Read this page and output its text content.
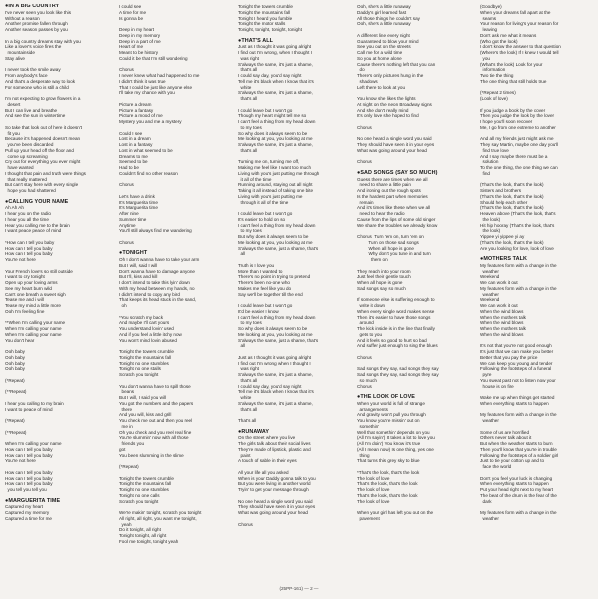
●IN A BIG COUNTRY
I've never seen you look like this
Without a reason
Another promise fallen through
Another season passes by you
In a big country dreams stay with you
Like a lover's voice fires the
mountainside
Stay alive
I never took the smile away
From anybody's face
And that's a desperate way to look
For someone who is still a child
I'm not expecting to grow flowers in a
desert
But I can live and breathe
And see the sun in wintertime
So take that look out of here it doesn't
fit you
Because it's happened doesn't mean
you've been discarded
Pull up your head off the floor and
come up screaming
Cry out for everything you ever might
have wanted
I thought that pain and truth were things
that really mattered
But can't stay here with every single
hope you had shattered
●CALLING YOUR NAME
Ah Ah Ah
I hear you on the radio
I hear you all the time
Hear you calling me to the brain
I want peace peace of mind
*How can I tell you baby
How can I tell you baby
How can I tell you baby
You're not here
Your French love's so still outside
I want to cry tonight
Open up your loving arms
See my heart burn wild
Can't one breath a sweet sigh
Tease me and i will
Tease my mind a little more
Ooh I'm feeling fine
**When I'm calling your name
When I'm calling your name
When I'm calling your name
You don't hear
Ooh baby
Ooh baby
Ooh baby
Ooh baby
(*Repeat)
(**Repeat)
I hear you calling to my brain
I want to peace of mind
(*Repeat)
(**Repeat)
When I'm calling your name
How can I tell you baby
How can I tell you baby
You're not here
How can I tell you baby
How can I tell you baby
How can I tell you baby
you tell you tell you
●MARGUERITA TIME
Captured my heart
Captured my memory
Captured a time for me
I could see
A time for me
Is gonna be
Deep in my heart
Deep in my memory
Deep in a part of me
Heart of me
Meant to be history
Could it be that I'm still wondering
Chorus
I never knew what had happened to me
I didn't think it was true
That I could be just like anyone else
I'll take my chance with you
Picture a dream
Picture a fantasy
Picture a mood of me
Mystery you and me a mystery
Could I see
Lost in a dream
Lost in a fantasy
Lost in what seemed to be
Dreams to me
Seemed to be
Had to be
Couldn't find no other reason
Chorus
Let's have a drink
It's Marguerita time
It's Marguerita time
After nine
Summer time
Anytime
You'll still always find me wandering
Chorus
●TONIGHT
Oh I don't wanna have to take your arm
But I will, said I will
Don't wanna have to damage anyone
But I'll, kiss and kill
I don't intend to take this lyin' down
With my head between my hands, no
I didn't intend to copy any bird
That keeps its head stuck in the sand,
oh
*You scratch my back
And maybe I'll cart yours
You understand lovin' used
And if you feel a little itchy now
You won't mind lovin abused
Tonight the towers crumble
Tonight the mountains fall
Tonight no one stumbles
Tonight no one stalls
Scratch you tonight
You don't wanna have to spill those
beans
But I will, I said you will
You got the numbers and the papers
there
And you will, kiss and grill
You check me out and then you reel
me in
Oh you check and you reel real fine
You're slummin' now with all those
friends you
got
You been slumming in the slime
(*Repeat)
Tonight the towers crumble
Tonight the mountains fall
Tonight no one stumbles
Tonight no one calls
Scratch you tonight
We're makin' tonight, scratch you tonight
All right, all right, you want me tonight,
yeah
Do it tonight, all right
Tonight tonight, all right
Fool me tonight, tonight yeah
Tonight the towers crumble
Tonight the mountains fall
Tonight I heard you fumble
Tonight the motor stalls
Tonight, tonight, tonight, tonight
●THAT'S ALL
Just as I thought it was going alright
I find out I'm wrong, when I thought I
was right
S'always the same, it's just a shame,
that's all
I could say day, you'd say night
Tell me it's black when I know that it's
white
S'always the same, it's just a shame,
that's all
I could leave but I won't go
Though my heart might tell me so
I can't feel a thing from my head down
to my toes
So why does it always seem to be
Me looking at you, you looking at me
S'always the same, it's just a shame,
that's all
Turning me on, turning me off,
Making me feel like I want too much
Living with you's just putting me through
it all of the time
Running around, staying out all night
Taking it all instead of taking one bite
Living with you's just putting me
through it all of the time
I could leave but I won't go
It's easier to hold on so
I can't feel a thing from my head down
to my toes
But why does it always seem to be
Me looking at you, you looking at me
S'always the same, just a shame, that's
all
Truth is I love you
More than I wanted to
There's no point in trying to pretend
There's been no-one who
Makes me feel like you do
Say we'll be together till the end
I could leave but I won't go
It'd be easier I know
I can't feel a thing from my head down
to my toes
So why does it always seem to be
Me looking at you, you looking at me
S'always the same, just a shame, that's
all
Just as I thought it was going alright
I find out I'm wrong when I thought I
was right
S'always the same, it's just a shame,
that's all
I could say day, you'd say night
Tell me it's black when I know that it's
white
S'always the same, it's just a shame,
that's all
That's all
●RUNAWAY
On the street where you live
The girls talk about their social lives
They're made of lipstick, plastic and
paint
A touch of sable in their eyes
All your life all you asked
When is your Daddy gonna talk to you
But you were living in another world
Tryin' to get your message through
No one heard a single word you said
They should have seen it in your eyes
What was going around your head
Chorus
Ooh, she's a little runaway
Daddy's girl learned fast
All those things he couldn't say
Ooh, she's a little runaway
A different line every night
Guaranteed to blow your mind
See you out on the streets
Call me for a wild time
So you at home alone
Cause there's nothing left that you can
do
There's only pictures hung in the
shadows
Left there to look at you
You know she likes the lights
At night on the neon Broadway signs
And she don't really mind
It's only love she hoped to find
Chorus
No one heard a single word you said
They should have seen it in your eyes
What was going around your head
Chorus
●SAD SONGS (SAY SO MUCH)
Guess there are times when we all
need to share a little pain
And ironing out the rough spots
Is the hardest part when memories
remain
And it's times like these when we all
need to hear the radio
Cause from the lips of some old singer
We share the troubles we already know
Chorus  Turn 'em on, turn 'em on
Turn on those sad songs
When all hope is gone
Why don't you tune in and turn
them on
They reach into your room
Just feel their gentle touch
When all hope is gone
Sad songs say so much
If someone else is suffering enough to
write it down
When every single word makes sense
Then it's easier to have those songs
around
The kick inside is in the line that finally
gets to you
And it feels so good to hurt so bad
And suffer just enough to sing the blues
Chorus
Sad songs they say, sad songs they say
Sad songs they say, sad songs they say
so much
Chorus
●THE LOOK OF LOVE
When your world is full of strange
arrangements
And gravity won't pull you through
You know you're missin' out on
somethin'
Well that somethin' depends on you
(All I'm sayin') It takes a lot to love you
(All I'm doin') You know it's true
(All I mean now) Is one thing, yes one
thing
That turns this grey sky to blue
*That's the look, that's the look
The look of love
That's the look, that's the look
The look of love
That's the look, that's the look
The look of love
When your girl has left you out on the
pavement
(Goodbye)
When your dreams fall apart at the
seams
Your reason for living's your reason for
leaving
Don't ask me what it means
(Who got the look)
I don't know the answer to that question
(Where's the look) If I knew I would tell
you
(What's the look) Look for your
information
Two tie the thing
The one thing that still holds true
(*Repeat 2 times)
(Look of love)
If you judge a book by the cover
Then you judge the look by the lover
I hope you'll soon recover
Me, I go from one extreme to another
And all my friends just might ask me
They say Martin, maybe one day you'll
find true love
And I say maybe there must be a
solution
To the one thing, the one thing we can
find
(That's the look, that's the look)
Sisters and brothers
(That's the look, that's the look)
Should help each other
(That's the look, that's the look)
Heaven above (That's the look, that's
the look)
Hit hip hooray (That's the look, that's
the look)
Yippee yi yippee yi ay
(That's the look, that's the look)
Are you looking for love, look of love
●MOTHERS TALK
My features form with a change in the
weather
Weekend
We can work it out
My features form with a change in the
weather
Weekend
We can work it out
When the wind blows
When the mothers talk
When the wind blows
When the mothers talk
When the wind blows
It's not that you're not good enough
It's just that we can make you better
Better that you pay the price
We can keep you young and tender
Following the footsteps of a funeral
pyre
You sweat past not to listen now your
house is on fire
Wake me up when things get started
When everything starts to happen
My features form with a change in the
weather
Some of us are horrified
Others never talk about it
But when the weather starts to burn
Then you'll know that you're in trouble
Following the footsteps of a soldier girl
Just to tie your cotton up and to
face the world
Don't you feel your luck is changing
When everything starts to happen
Put your head right next to my heart
The beat of the drum is the fear of the
dark
My features form with a change in the
weather
(25PP-161) — 2 —
